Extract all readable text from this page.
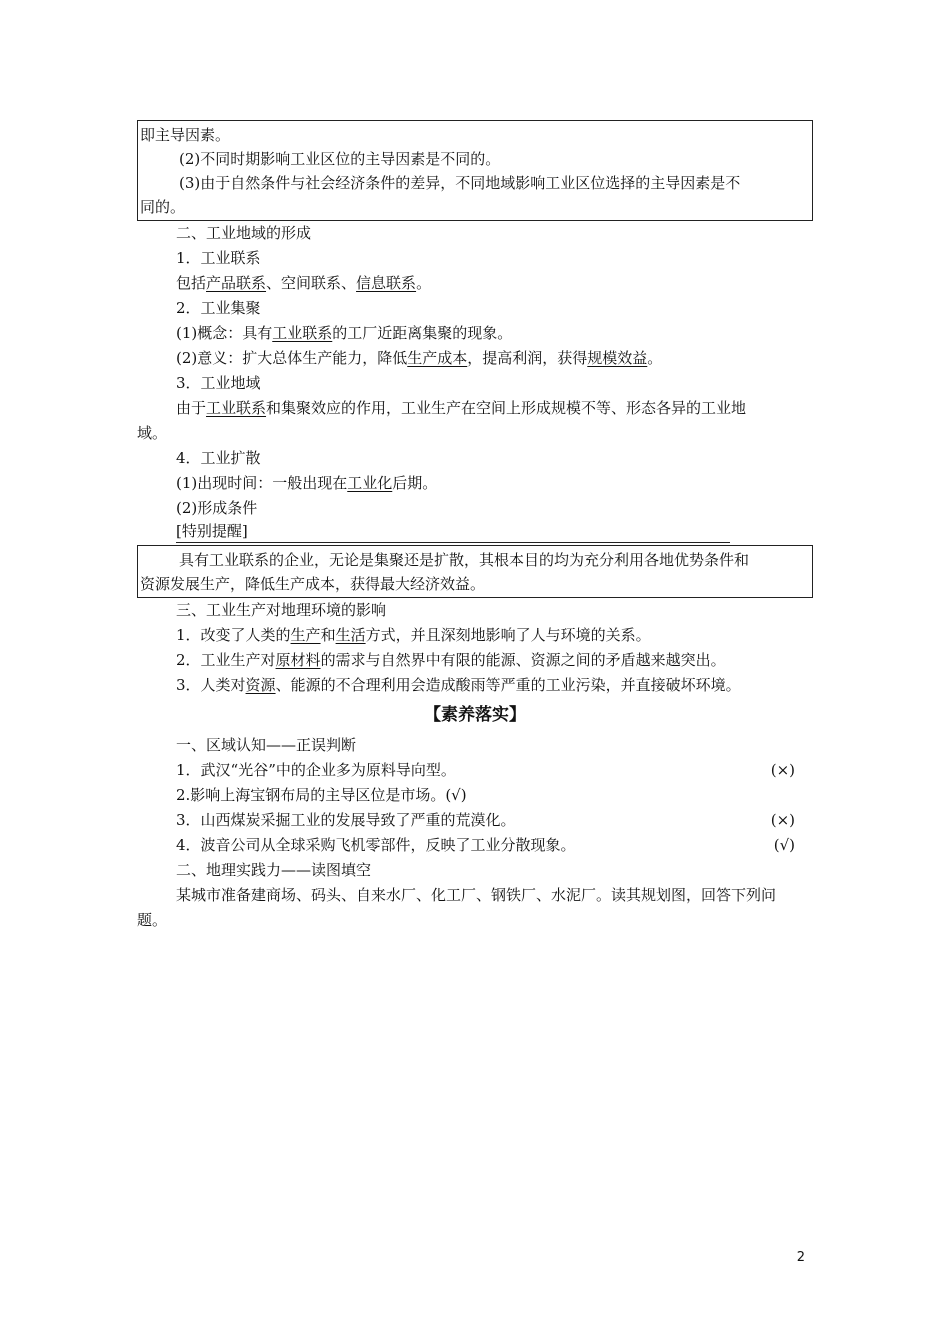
即主导因素。
(2)不同时期影响工业区位的主导因素是不同的。
(3)由于自然条件与社会经济条件的差异，不同地域影响工业区位选择的主导因素是不
同的。
二、工业地域的形成
1．工业联系
包括产品联系、空间联系、信息联系。
2．工业集聚
(1)概念：具有工业联系的工厂近距离集聚的现象。
(2)意义：扩大总体生产能力，降低生产成本，提高利润，获得规模效益。
3．工业地域
由于工业联系和集聚效应的作用，工业生产在空间上形成规模不等、形态各异的工业地
域。
4．工业扩散
(1)出现时间：一般出现在工业化后期。
(2)形成条件
[特别提醒]
具有工业联系的企业，无论是集聚还是扩散，其根本目的均为充分利用各地优势条件和
资源发展生产，降低生产成本，获得最大经济效益。
三、工业生产对地理环境的影响
1．改变了人类的生产和生活方式，并且深刻地影响了人与环境的关系。
2．工业生产对原材料的需求与自然界中有限的能源、资源之间的矛盾越来越突出。
3．人类对资源、能源的不合理利用会造成酸雨等严重的工业污染，并直接破坏环境。
【素养落实】
一、区域认知——正误判断
1．武汉“光谷”中的企业多为原料导向型。	(×)
2.影响上海宝钢布局的主导区位是市场。(√)
3．山西煤炭采掘工业的发展导致了严重的荒漠化。	(×)
4．波音公司从全球采购飞机零部件，反映了工业分散现象。	(√)
二、地理实践力——读图填空
某城市准备建商场、码头、自来水厂、化工厂、钢铁厂、水泥厂。读其规划图，回答下列问
题。
2
